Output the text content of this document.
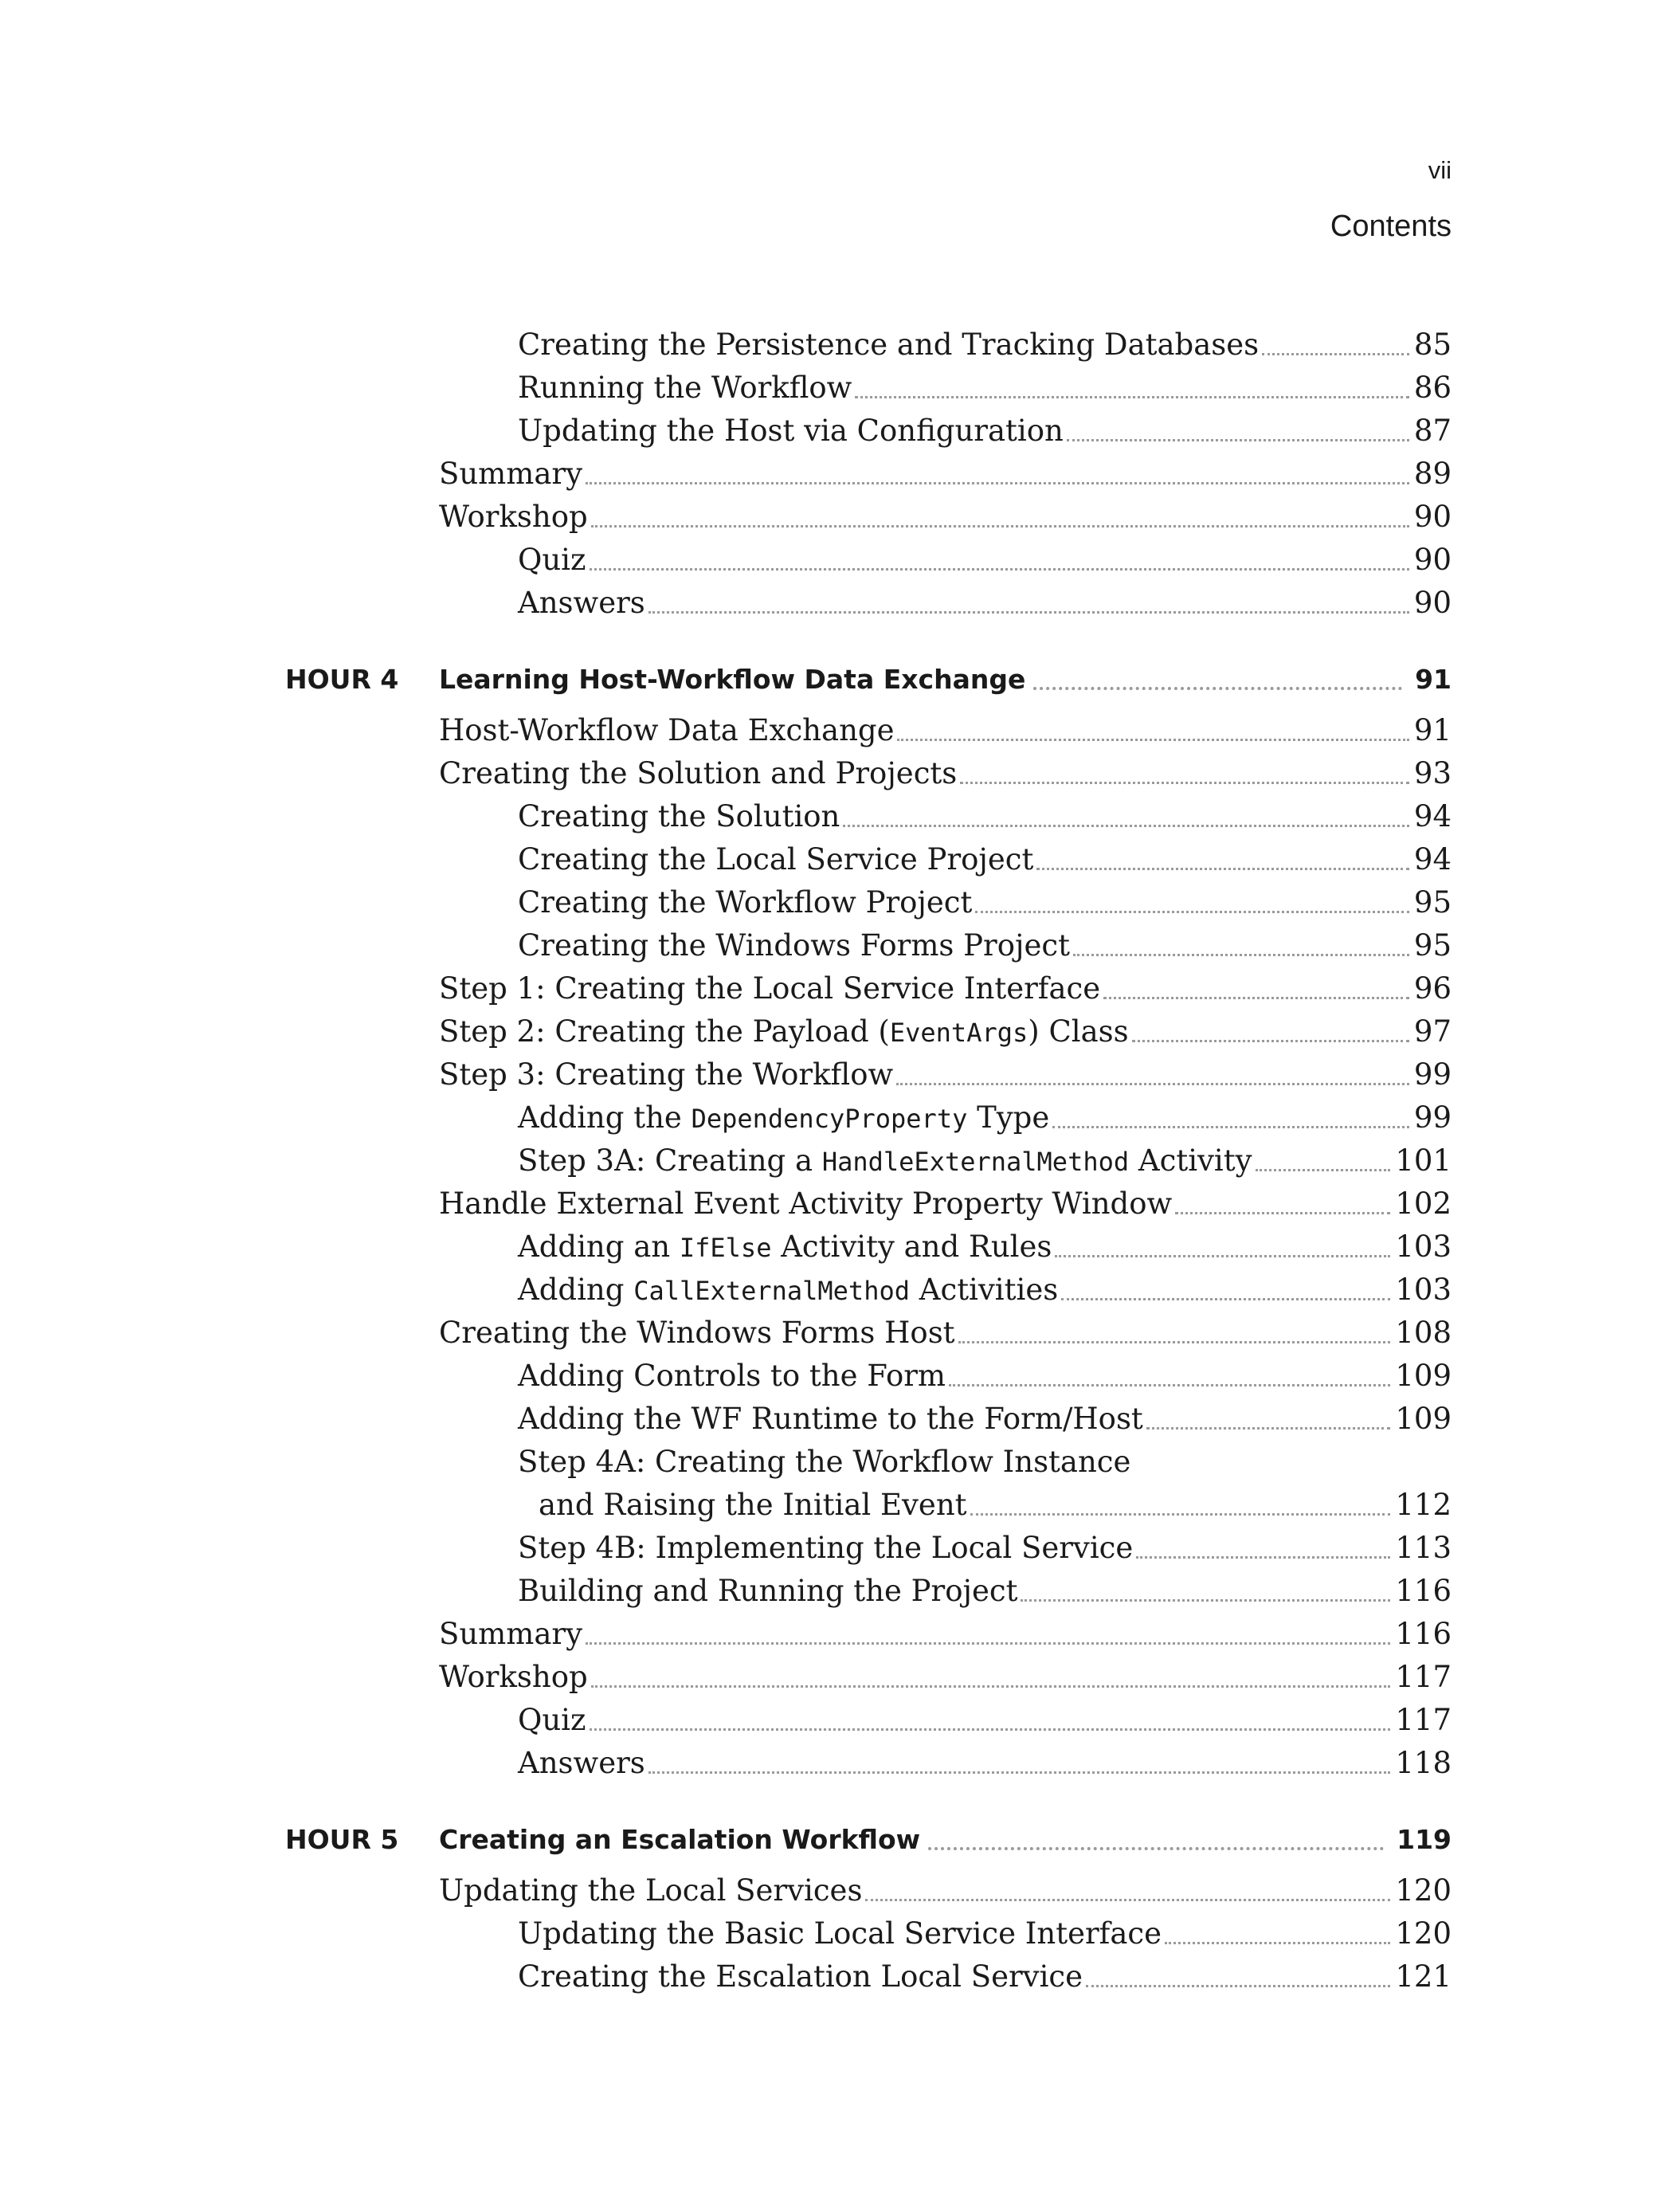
vii
Contents
Creating the Persistence and Tracking Databases	85
Running the Workflow	86
Updating the Host via Configuration	87
Summary	89
Workshop	90
Quiz	90
Answers	90
HOUR 4 Learning Host-Workflow Data Exchange	91
Host-Workflow Data Exchange	91
Creating the Solution and Projects	93
Creating the Solution	94
Creating the Local Service Project	94
Creating the Workflow Project	95
Creating the Windows Forms Project	95
Step 1: Creating the Local Service Interface	96
Step 2: Creating the Payload (EventArgs) Class	97
Step 3: Creating the Workflow	99
Adding the DependencyProperty Type	99
Step 3A: Creating a HandleExternalMethod Activity	101
Handle External Event Activity Property Window	102
Adding an IfElse Activity and Rules	103
Adding CallExternalMethod Activities	103
Creating the Windows Forms Host	108
Adding Controls to the Form	109
Adding the WF Runtime to the Form/Host	109
Step 4A: Creating the Workflow Instance
and Raising the Initial Event	112
Step 4B: Implementing the Local Service	113
Building and Running the Project	116
Summary	116
Workshop	117
Quiz	117
Answers	118
HOUR 5 Creating an Escalation Workflow	119
Updating the Local Services	120
Updating the Basic Local Service Interface	120
Creating the Escalation Local Service	121
